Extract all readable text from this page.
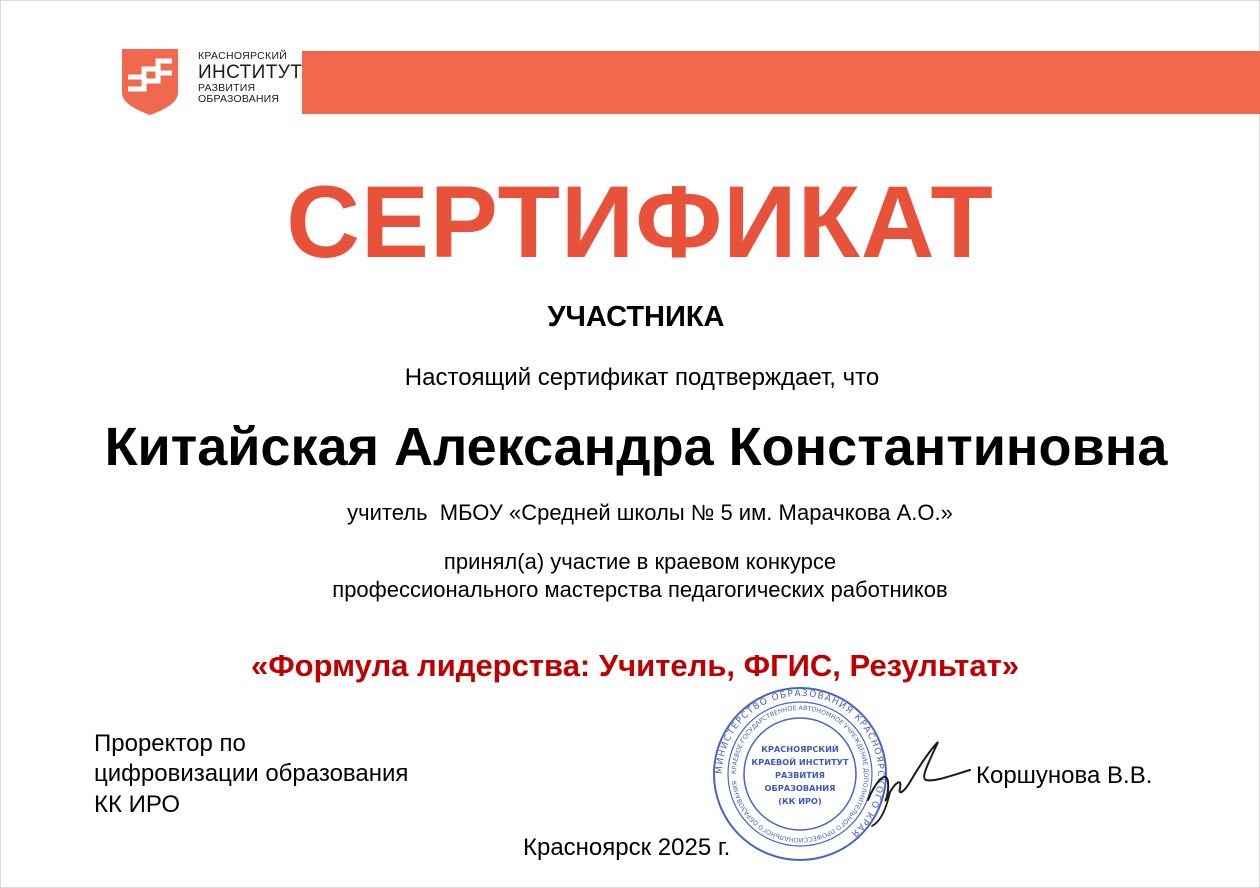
КРАСНОЯРСКИЙ
ИНСТИТУТ
РАЗВИТИЯ
ОБРАЗОВАНИЯ
СЕРТИФИКАТ
УЧАСТНИКА
Настоящий сертификат подтверждает, что
Китайская Александра Константиновна
учитель  МБОУ «Средней школы № 5 им. Марачкова А.О.»
принял(а) участие в краевом конкурсе
профессионального мастерства педагогических работников
«Формула лидерства: Учитель, ФГИС, Результат»
Проректор по
цифровизации образования
КК ИРО
МИНИСТЕРСТВО ОБРАЗОВАНИЯ КРАСНОЯРСКОГО КРАЯ
КРАЕВОЕ ГОСУДАРСТВЕННОЕ АВТОНОМНОЕ УЧРЕЖДЕНИЕ ДОПОЛНИТЕЛЬНОГО ПРОФЕССИОНАЛЬНОГО ОБРАЗОВАНИЯ
КРАСНОЯРСКИЙ
КРАЕВОЙ ИНСТИТУТ
РАЗВИТИЯ
ОБРАЗОВАНИЯ
(КК ИРО)
Коршунова В.В.
Красноярск 2025 г.
